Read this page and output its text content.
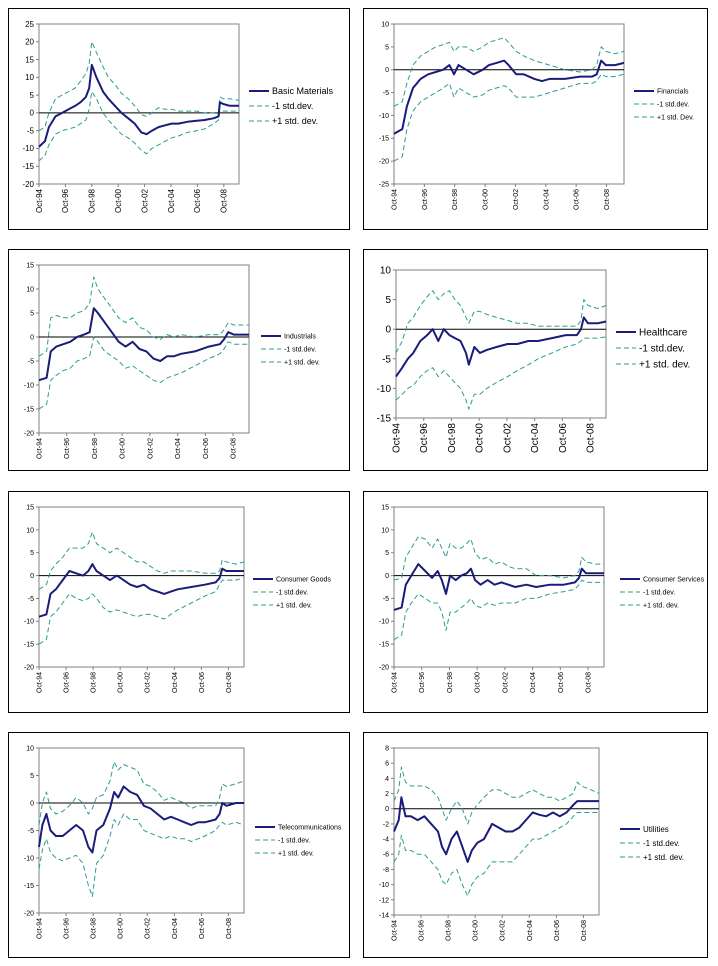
-20
-15
-10
-5
0
5
10
15
20
25
Oct-94 Oct-96 Oct-98 Oct-00 Oct-02 Oct-04 Oct-06 Oct-08
Basic Materials
-1 std.dev.
+1 std. dev.
-25
-20
-15
-10
-5
0
5
10
Oct-94	Oct-96	Oct-98	Oct-00	Oct-02	Oct-04	Oct-06	Oct-08
Financials
-1 std.dev.
+1 std. Dev.
-20
-15
-10
-5
0
5
10
15
Oct-94	Oct-96	Oct-98	Oct-00	Oct-02	Oct-04	Oct-06	Oct-08
Industrials
-1 std.dev.
+1 std. dev.
-15
-10
-5
0
5
10
Oct-94 Oct-96 Oct-98 Oct-00 Oct-02 Oct-04 Oct-06 Oct-08
Healthcare
-1 std.dev.
+1 std. dev.
-20
-15
-10
-5
0
5
10
15
Oct-94	Oct-96	Oct-98	Oct-00	Oct-02	Oct-04	Oct-06	Oct-08
Consumer Goods
-1 std.dev.
+1 std. dev.
-20
-15
-10
-5
0
5
10
15
Oct-94	Oct-96	Oct-98	Oct-00	Oct-02	Oct-04	Oct-06	Oct-08
Consumer Services
-1 std.dev.
+1 std. dev.
-20
-15
-10
-5
0
5
10
Oct-94	Oct-96	Oct-98	Oct-00	Oct-02	Oct-04	Oct-06	Oct-08
Telecommunications
-1 std.dev.
+1 std. dev.
-14
-12
-10
-8
-6
-4
-2
0
2
4
6
8
Oct-94	Oct-96	Oct-98	Oct-00	Oct-02	Oct-04	Oct-06	Oct-08
Utilities
-1 std.dev.
+1 std. dev.
